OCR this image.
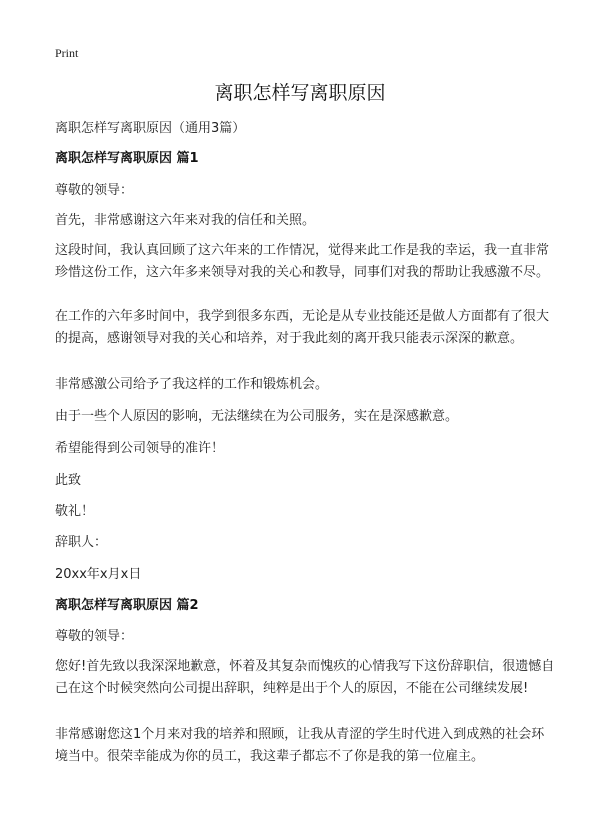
Print
离职怎样写离职原因

离职怎样写离职原因（通用3篇）

离职怎样写离职原因 篇1

尊敬的领导：

首先，非常感谢这六年来对我的信任和关照。

这段时间，我认真回顾了这六年来的工作情况，觉得来此工作是我的幸运，我一直非常珍惜这份工作，这六年多来领导对我的关心和教导，同事们对我的帮助让我感激不尽。

在工作的六年多时间中，我学到很多东西，无论是从专业技能还是做人方面都有了很大的提高，感谢领导对我的关心和培养，对于我此刻的离开我只能表示深深的歉意。

非常感激公司给予了我这样的工作和锻炼机会。

由于一些个人原因的影响，无法继续在为公司服务，实在是深感歉意。

希望能得到公司领导的准许！

此致

敬礼！

辞职人：

20xx年x月x日

离职怎样写离职原因 篇2

尊敬的领导：

您好!首先致以我深深地歉意，怀着及其复杂而愧疚的心情我写下这份辞职信，很遗憾自己在这个时候突然向公司提出辞职，纯粹是出于个人的原因，不能在公司继续发展!

非常感谢您这1个月来对我的培养和照顾，让我从青涩的学生时代进入到成熟的社会环境当中。很荣幸能成为你的员工，我这辈子都忘不了你是我的第一位雇主。
